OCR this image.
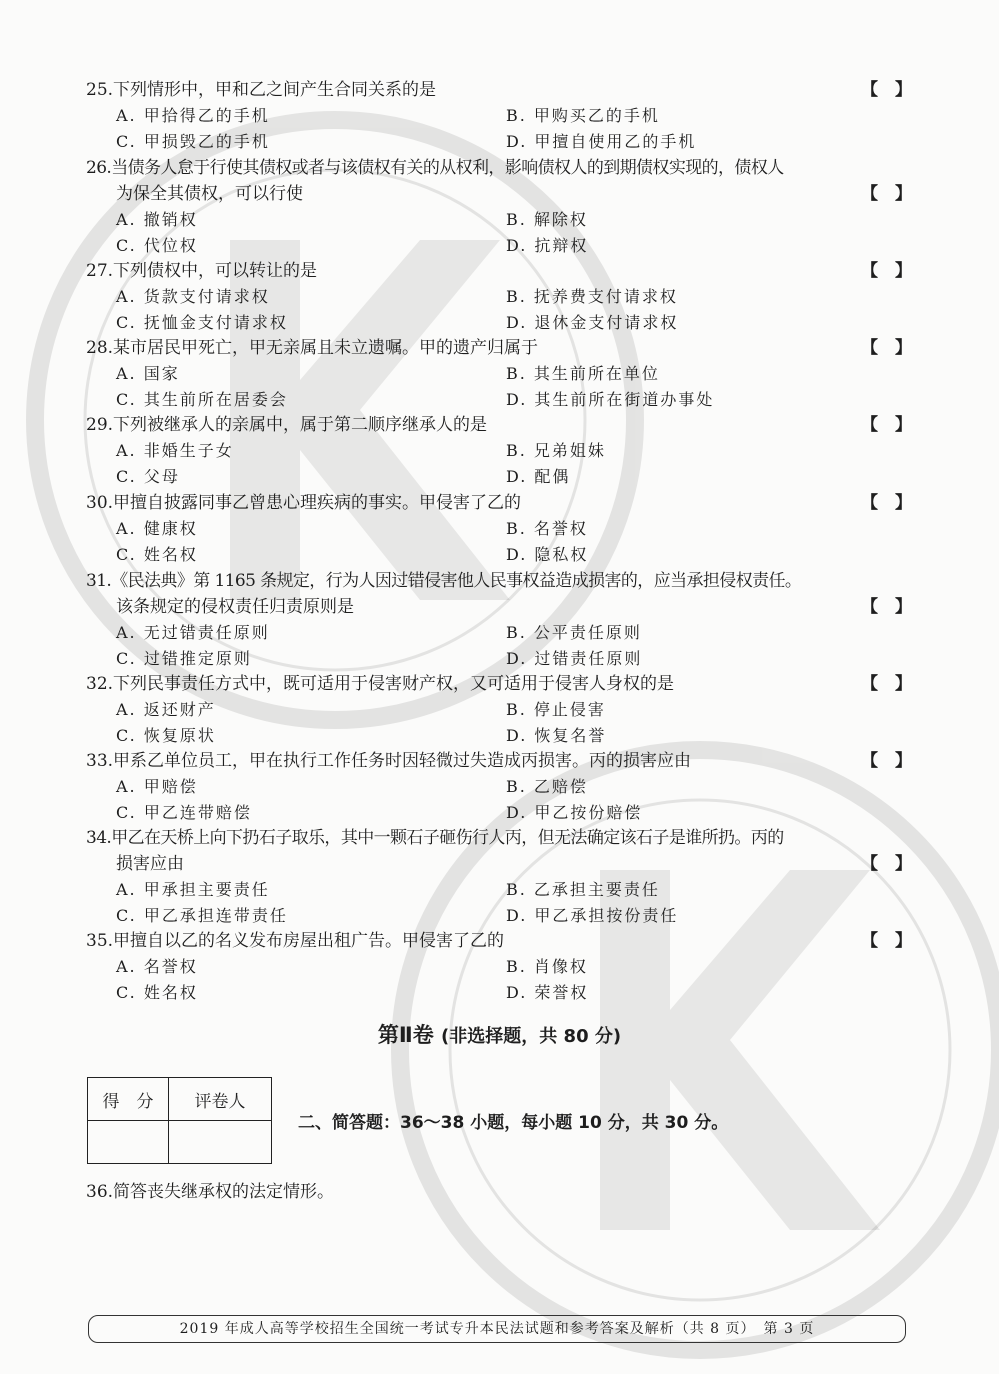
25.下列情形中，甲和乙之间产生合同关系的是	【　】
A. 甲拾得乙的手机	B. 甲购买乙的手机
C. 甲损毁乙的手机	D. 甲擅自使用乙的手机
26.当债务人怠于行使其债权或者与该债权有关的从权利，影响债权人的到期债权实现的，债权人
为保全其债权，可以行使	【　】
A. 撤销权	B. 解除权
C. 代位权	D. 抗辩权
27.下列债权中，可以转让的是	【　】
A. 货款支付请求权	B. 抚养费支付请求权
C. 抚恤金支付请求权	D. 退休金支付请求权
28.某市居民甲死亡，甲无亲属且未立遗嘱。甲的遗产归属于	【　】
A. 国家	B. 其生前所在单位
C. 其生前所在居委会	D. 其生前所在街道办事处
29.下列被继承人的亲属中，属于第二顺序继承人的是	【　】
A. 非婚生子女	B. 兄弟姐妹
C. 父母	D. 配偶
30.甲擅自披露同事乙曾患心理疾病的事实。甲侵害了乙的	【　】
A. 健康权	B. 名誉权
C. 姓名权	D. 隐私权
31.《民法典》第 1165 条规定，行为人因过错侵害他人民事权益造成损害的，应当承担侵权责任。
该条规定的侵权责任归责原则是	【　】
A. 无过错责任原则	B. 公平责任原则
C. 过错推定原则	D. 过错责任原则
32.下列民事责任方式中，既可适用于侵害财产权，又可适用于侵害人身权的是	【　】
A. 返还财产	B. 停止侵害
C. 恢复原状	D. 恢复名誉
33.甲系乙单位员工，甲在执行工作任务时因轻微过失造成丙损害。丙的损害应由	【　】
A. 甲赔偿	B. 乙赔偿
C. 甲乙连带赔偿	D. 甲乙按份赔偿
34.甲乙在天桥上向下扔石子取乐，其中一颗石子砸伤行人丙，但无法确定该石子是谁所扔。丙的
损害应由	【　】
A. 甲承担主要责任	B. 乙承担主要责任
C. 甲乙承担连带责任	D. 甲乙承担按份责任
35.甲擅自以乙的名义发布房屋出租广告。甲侵害了乙的	【　】
A. 名誉权	B. 肖像权
C. 姓名权	D. 荣誉权
第Ⅱ卷 (非选择题，共 80 分)
得　分	评卷人

二、简答题：36～38 小题，每小题 10 分，共 30 分。
36.简答丧失继承权的法定情形。
2019 年成人高等学校招生全国统一考试专升本民法试题和参考答案及解析（共 8 页）　第 3 页
